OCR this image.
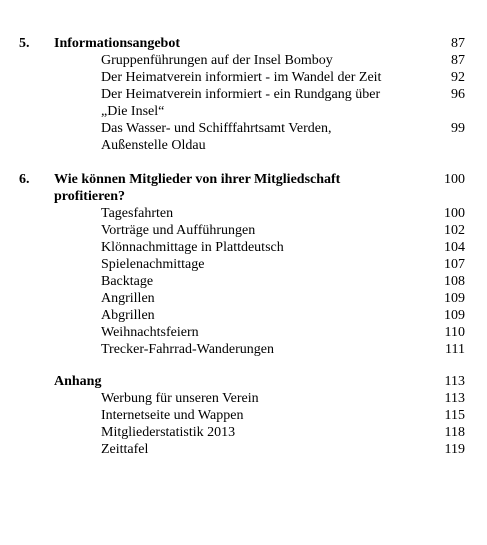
5. Informationsangebot	87
Gruppenführungen auf der Insel Bomboy	87
Der Heimatverein informiert - im Wandel der Zeit	92
Der Heimatverein informiert - ein Rundgang über	96
„Die Insel“
Das Wasser- und Schifffahrtsamt Verden,	99
Außenstelle Oldau
6. Wie können Mitglieder von ihrer Mitgliedschaft	100
profitieren?
Tagesfahrten	100
Vorträge und Aufführungen	102
Klönnachmittage in Plattdeutsch	104
Spielenachmittage	107
Backtage	108
Angrillen	109
Abgrillen	109
Weihnachtsfeiern	110
Trecker-Fahrrad-Wanderungen	111
Anhang	113
Werbung für unseren Verein	113
Internetseite und Wappen	115
Mitgliederstatistik 2013	118
Zeittafel	119
